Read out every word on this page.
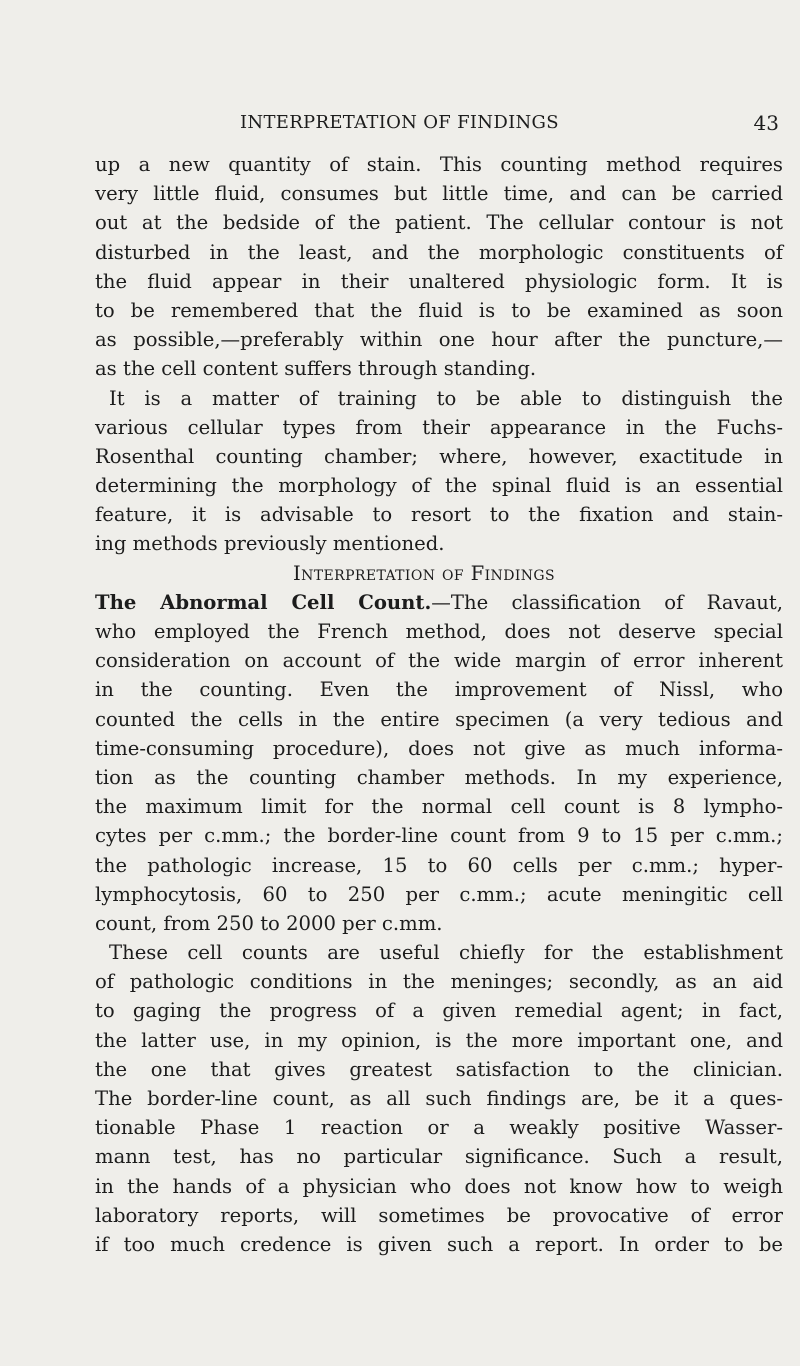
INTERPRETATION OF FINDINGS	43
up a new quantity of stain. This counting method requires
very little fluid, consumes but little time, and can be carried
out at the bedside of the patient. The cellular contour is not
disturbed in the least, and the morphologic constituents of
the fluid appear in their unaltered physiologic form. It is
to be remembered that the fluid is to be examined as soon
as possible,—preferably within one hour after the puncture,—
as the cell content suffers through standing.
It is a matter of training to be able to distinguish the
various cellular types from their appearance in the Fuchs-
Rosenthal counting chamber; where, however, exactitude in
determining the morphology of the spinal fluid is an essential
feature, it is advisable to resort to the fixation and stain-
ing methods previously mentioned.
Interpretation of Findings
The Abnormal Cell Count.—The classification of Ravaut,
who employed the French method, does not deserve special
consideration on account of the wide margin of error inherent
in the counting. Even the improvement of Nissl, who
counted the cells in the entire specimen (a very tedious and
time-consuming procedure), does not give as much informa-
tion as the counting chamber methods. In my experience,
the maximum limit for the normal cell count is 8 lympho-
cytes per c.mm.; the border-line count from 9 to 15 per c.mm.;
the pathologic increase, 15 to 60 cells per c.mm.; hyper-
lymphocytosis, 60 to 250 per c.mm.; acute meningitic cell
count, from 250 to 2000 per c.mm.
These cell counts are useful chiefly for the establishment
of pathologic conditions in the meninges; secondly, as an aid
to gaging the progress of a given remedial agent; in fact,
the latter use, in my opinion, is the more important one, and
the one that gives greatest satisfaction to the clinician.
The border-line count, as all such findings are, be it a ques-
tionable Phase 1 reaction or a weakly positive Wasser-
mann test, has no particular significance. Such a result,
in the hands of a physician who does not know how to weigh
laboratory reports, will sometimes be provocative of error
if too much credence is given such a report. In order to be
